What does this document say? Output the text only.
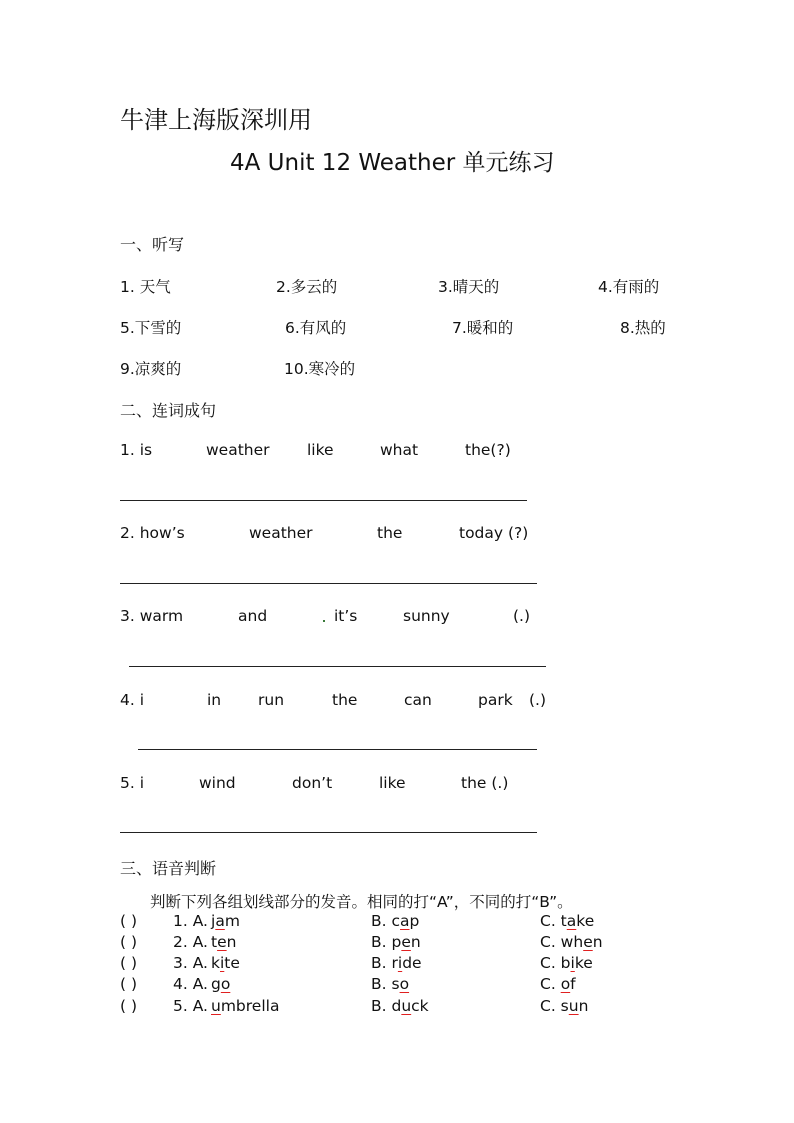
牛津上海版深圳用
4A Unit 12 Weather 单元练习
一、听写
1. 天气	2.多云的	3.晴天的	4.有雨的
5.下雪的	6.有风的	7.暖和的	8.热的
9.凉爽的	10.寒冷的
二、连词成句
1. is	weather like	what	the(?)
2. how’s	weather	the	today (?)
3. warm	and	it’s	sunny	(.)
4. i	in run	the	can	park (.)
5. i	wind	don’t	like	the (.)
三、语音判断
判断下列各组划线部分的发音。相同的打“A”，不同的打“B”。
( ) 1. A. jam	B. cap	C. take
( ) 2. A. ten	B. pen	C. when
( ) 3. A. kite	B. ride	C. bike
( ) 4. A. go	B. so	C. of
( ) 5. A. umbrella	B. duck	C. sun
